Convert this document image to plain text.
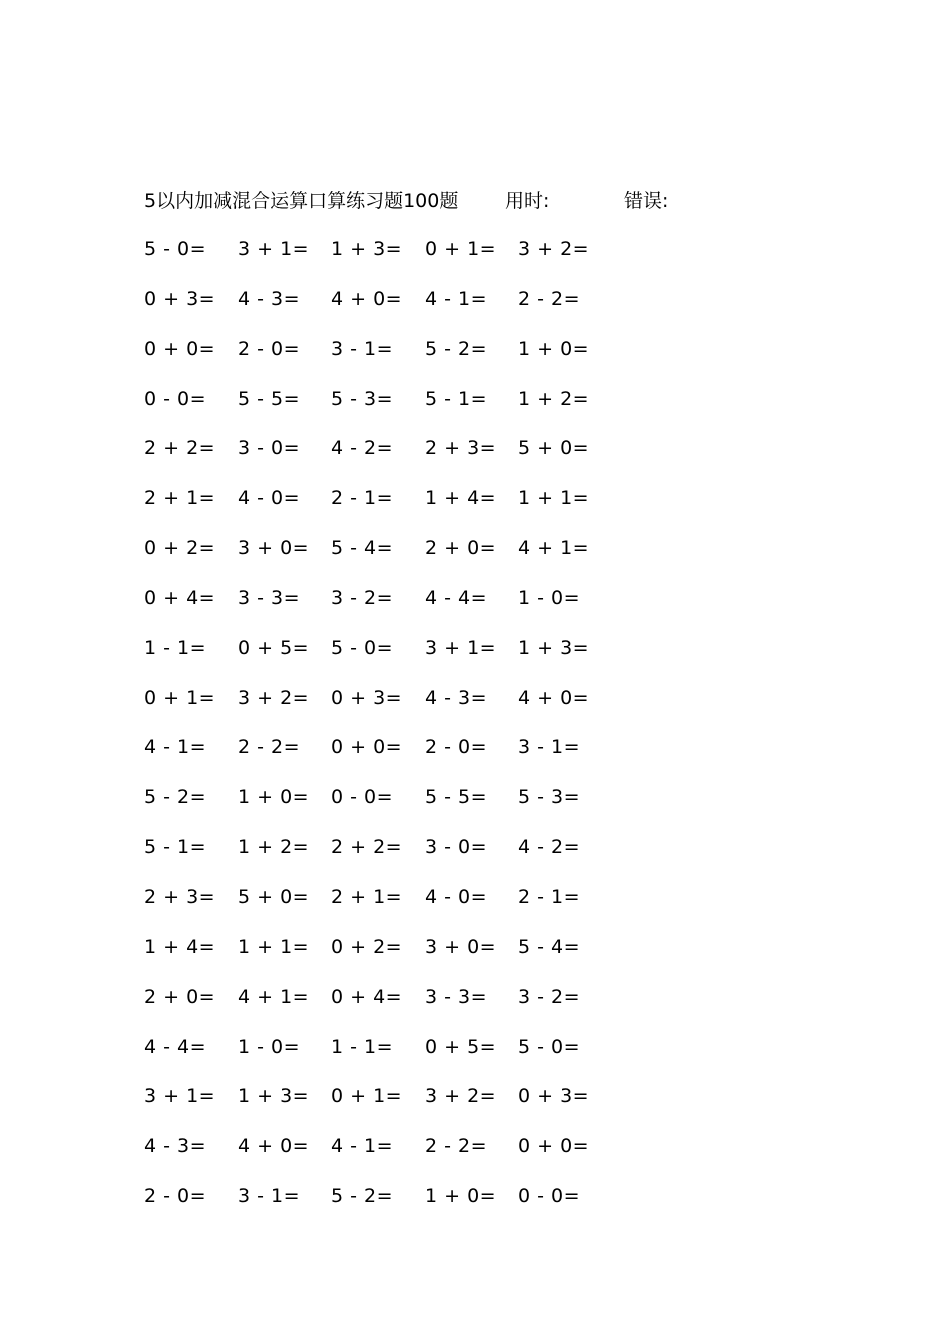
5以内加减混合运算口算练习题100题 用时:	错误:
5 - 0= 3 + 1= 1 + 3= 0 + 1= 3 + 2=
0 + 3= 4 - 3= 4 + 0= 4 - 1= 2 - 2=
0 + 0= 2 - 0= 3 - 1= 5 - 2= 1 + 0=
0 - 0= 5 - 5= 5 - 3= 5 - 1= 1 + 2=
2 + 2= 3 - 0= 4 - 2= 2 + 3= 5 + 0=
2 + 1= 4 - 0= 2 - 1= 1 + 4= 1 + 1=
0 + 2= 3 + 0= 5 - 4= 2 + 0= 4 + 1=
0 + 4= 3 - 3= 3 - 2= 4 - 4= 1 - 0=
1 - 1= 0 + 5= 5 - 0= 3 + 1= 1 + 3=
0 + 1= 3 + 2= 0 + 3= 4 - 3= 4 + 0=
4 - 1= 2 - 2= 0 + 0= 2 - 0= 3 - 1=
5 - 2= 1 + 0= 0 - 0= 5 - 5= 5 - 3=
5 - 1= 1 + 2= 2 + 2= 3 - 0= 4 - 2=
2 + 3= 5 + 0= 2 + 1= 4 - 0= 2 - 1=
1 + 4= 1 + 1= 0 + 2= 3 + 0= 5 - 4=
2 + 0= 4 + 1= 0 + 4= 3 - 3= 3 - 2=
4 - 4= 1 - 0= 1 - 1= 0 + 5= 5 - 0=
3 + 1= 1 + 3= 0 + 1= 3 + 2= 0 + 3=
4 - 3= 4 + 0= 4 - 1= 2 - 2= 0 + 0=
2 - 0= 3 - 1= 5 - 2= 1 + 0= 0 - 0=
